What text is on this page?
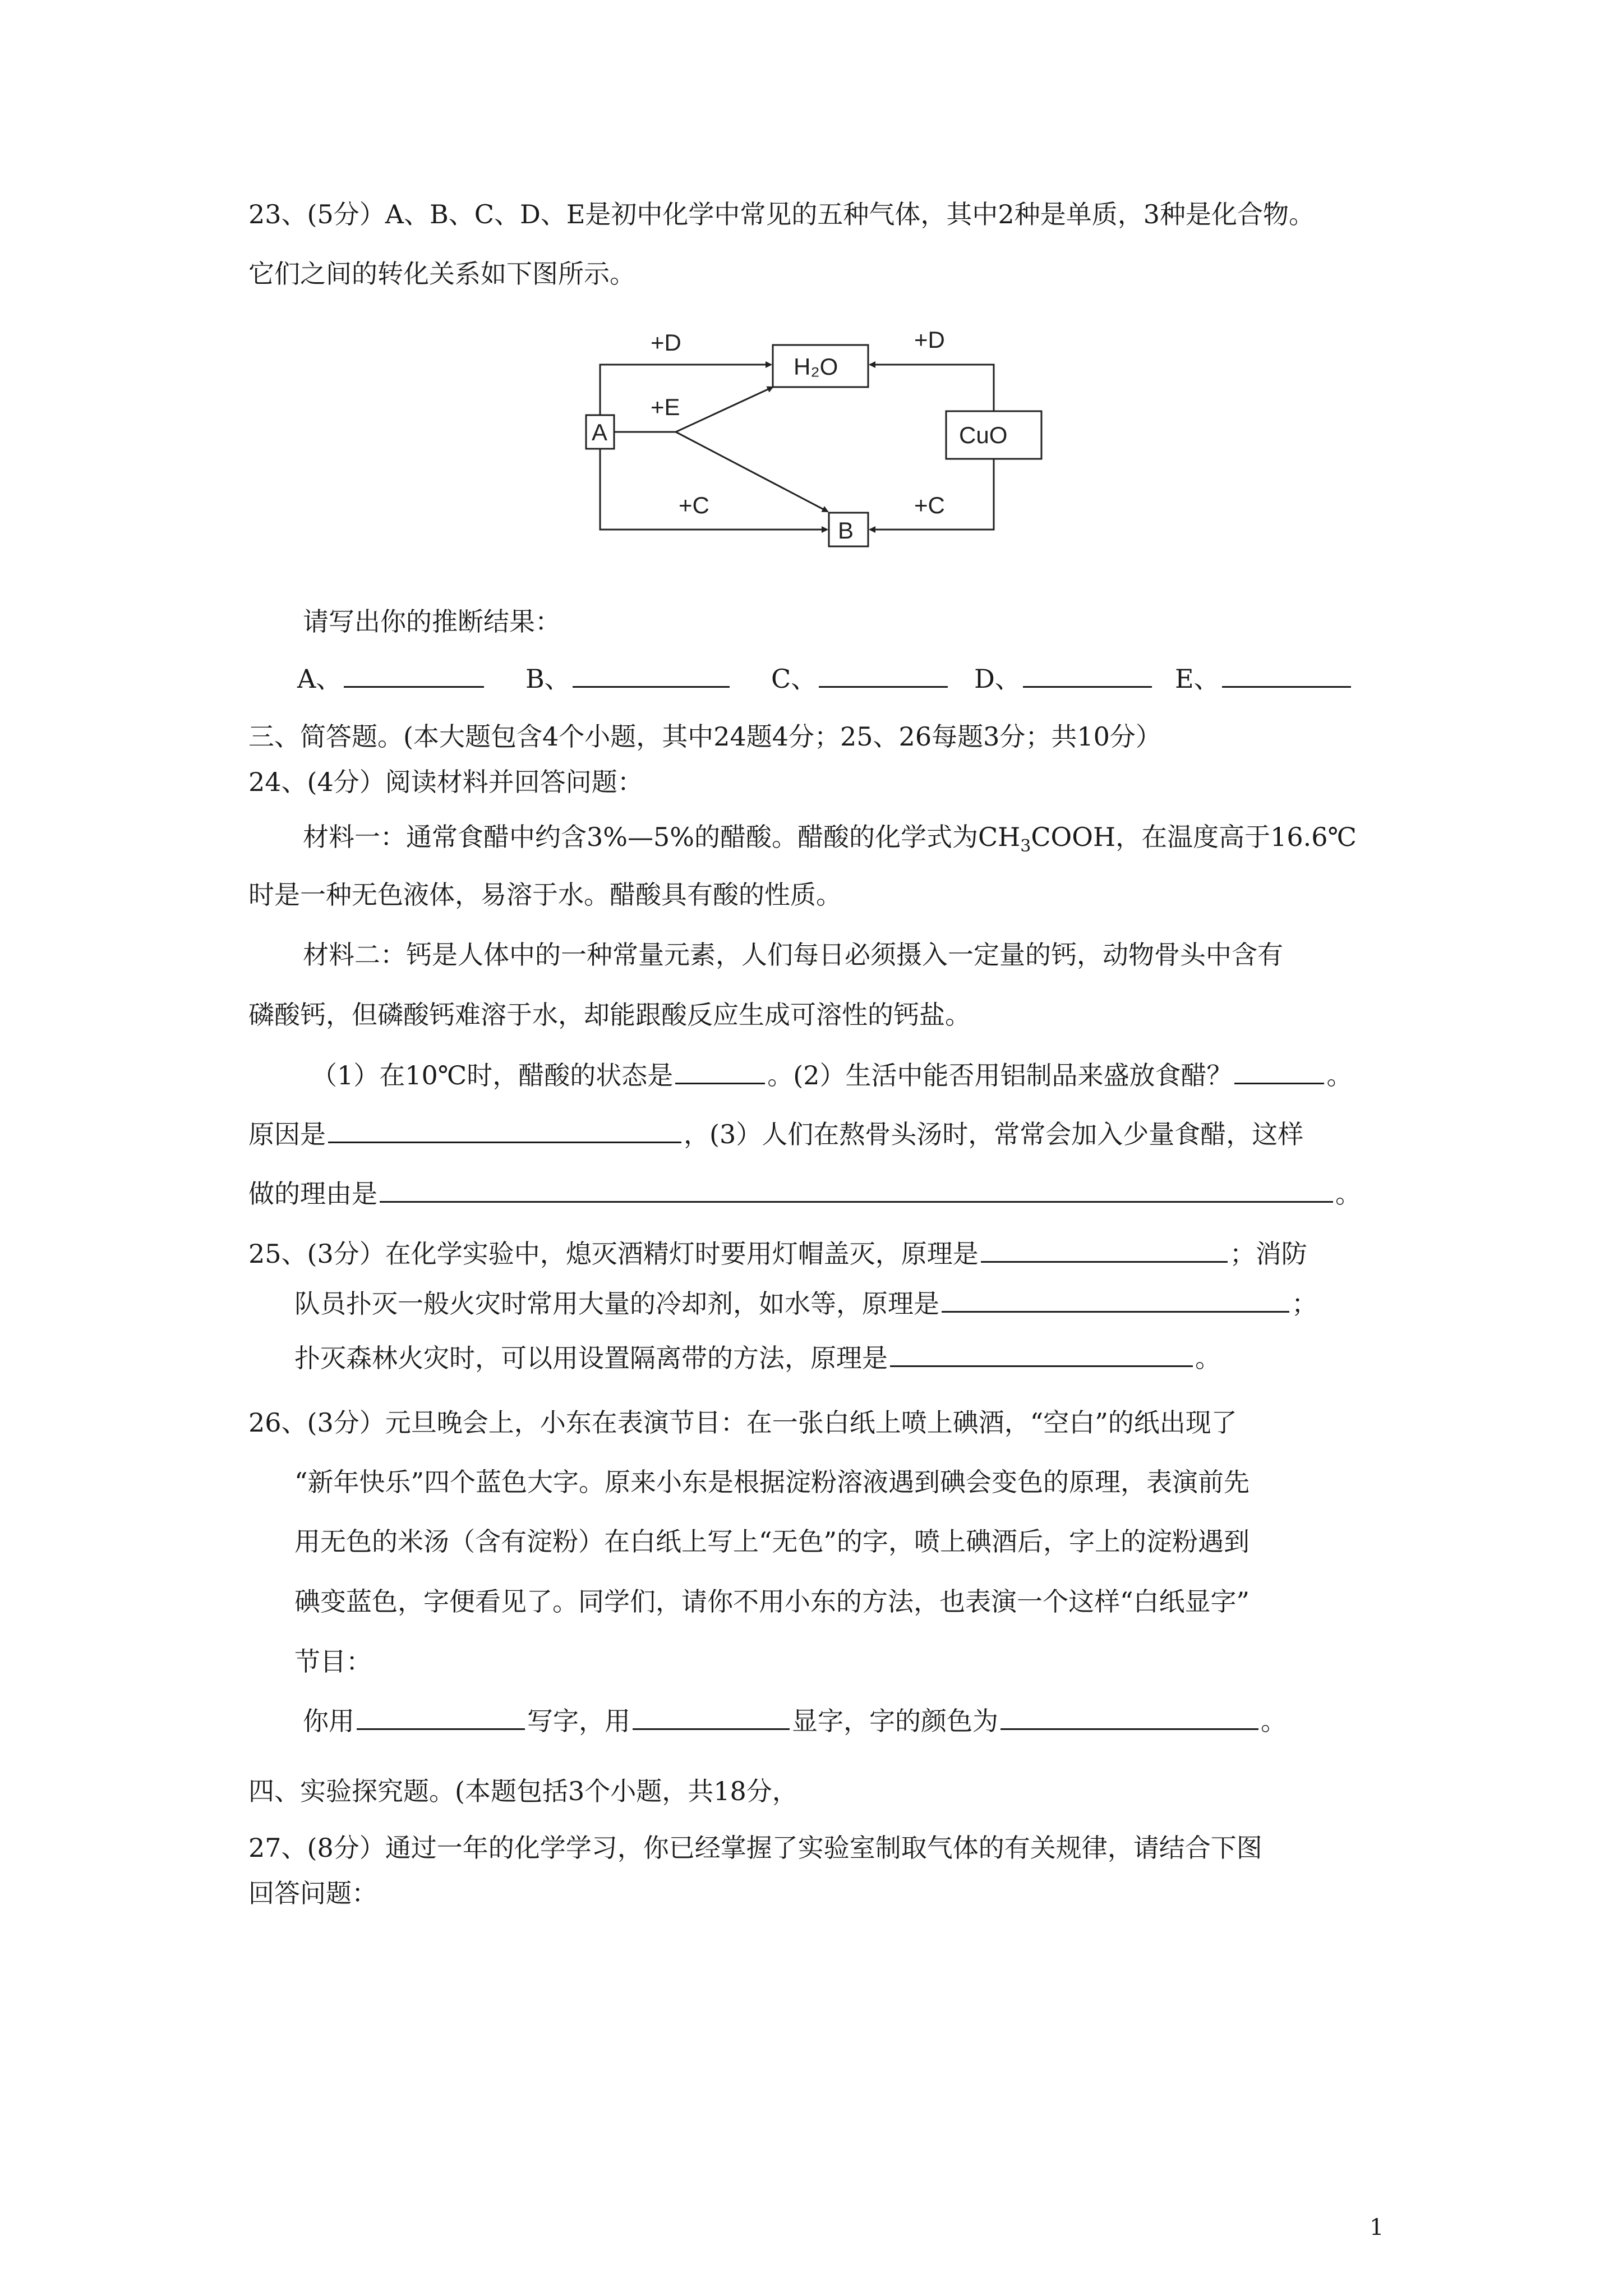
23、(5分）A、B、C、D、E是初中化学中常见的五种气体，其中2种是单质，3种是化合物。
它们之间的转化关系如下图所示。
A
H₂O
CuO
B
+D
+E
+C
+D
+C
请写出你的推断结果：
A、	B、	C、	D、	E、
三、简答题。(本大题包含4个小题，其中24题4分；25、26每题3分；共10分）
24、(4分）阅读材料并回答问题：
材料一：通常食醋中约含3%—5%的醋酸。醋酸的化学式为$CH_3COOH$，在温度高于16.6℃
时是一种无色液体，易溶于水。醋酸具有酸的性质。
材料二：钙是人体中的一种常量元素，人们每日必须摄入一定量的钙，动物骨头中含有
磷酸钙，但磷酸钙难溶于水，却能跟酸反应生成可溶性的钙盐。
（1）在10℃时，醋酸的状态是	。(2）生活中能否用铝制品来盛放食醋？	。
原因是	，(3）人们在熬骨头汤时，常常会加入少量食醋，这样
做的理由是	。
25、(3分）在化学实验中，熄灭酒精灯时要用灯帽盖灭，原理是	；消防
队员扑灭一般火灾时常用大量的冷却剂，如水等，原理是	；
扑灭森林火灾时，可以用设置隔离带的方法，原理是	。
26、(3分）元旦晚会上，小东在表演节目：在一张白纸上喷上碘酒，“空白”的纸出现了
“新年快乐”四个蓝色大字。原来小东是根据淀粉溶液遇到碘会变色的原理，表演前先
用无色的米汤（含有淀粉）在白纸上写上“无色”的字，喷上碘酒后，字上的淀粉遇到
碘变蓝色，字便看见了。同学们，请你不用小东的方法，也表演一个这样“白纸显字”
节目：
你用	写字，用	显字，字的颜色为	。
四、实验探究题。(本题包括3个小题，共18分，
27、(8分）通过一年的化学学习，你已经掌握了实验室制取气体的有关规律，请结合下图
回答问题：
1
